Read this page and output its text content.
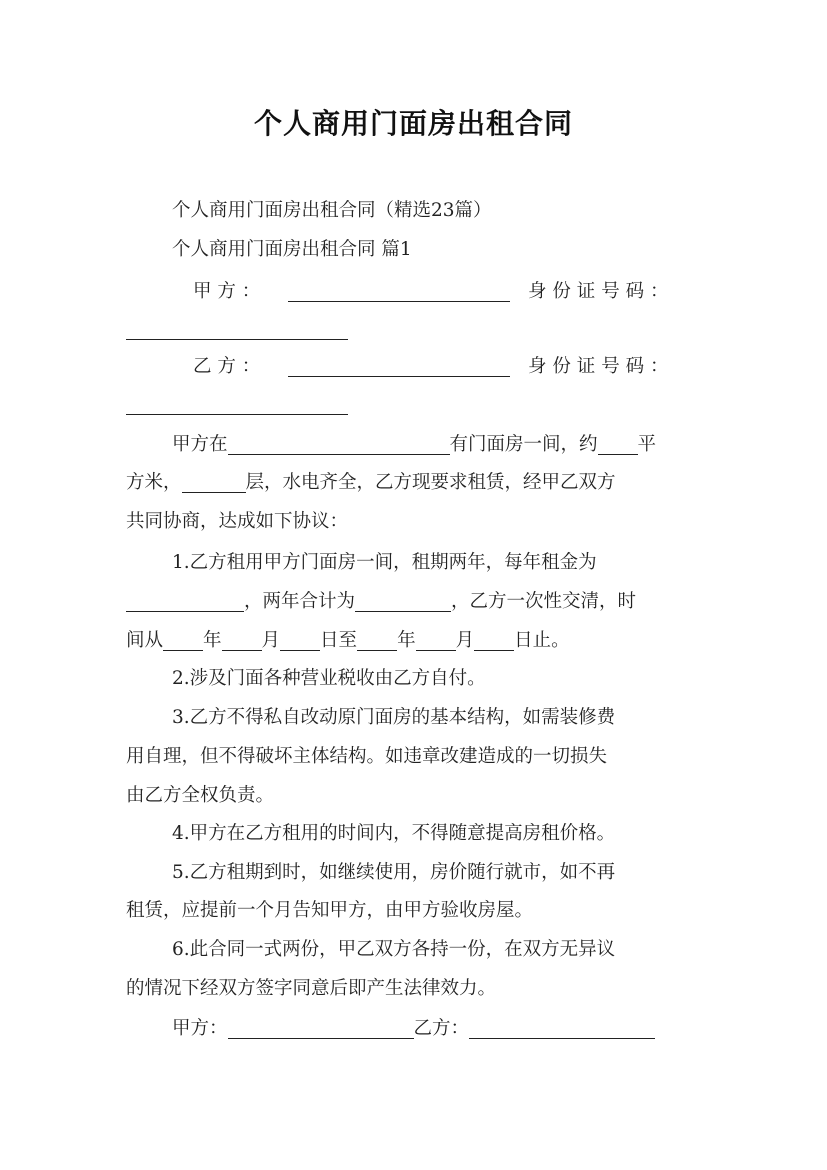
个人商用门面房出租合同

个人商用门面房出租合同（精选23篇）

个人商用门面房出租合同 篇1

甲 方 ：	身 份 证 号 码 ：

乙 方 ：	身 份 证 号 码 ：

甲方在	有门面房一间，约 平

方米，	层，水电齐全，乙方现要求租赁，经甲乙双方

共同协商，达成如下协议：

1.乙方租用甲方门面房一间，租期两年，每年租金为

，两年合计为	，乙方一次性交清，时

间从 年 月 日至 年 月 日止。

2.涉及门面各种营业税收由乙方自付。

3.乙方不得私自改动原门面房的基本结构，如需装修费

用自理，但不得破坏主体结构。如违章改建造成的一切损失

由乙方全权负责。

4.甲方在乙方租用的时间内，不得随意提高房租价格。

5.乙方租期到时，如继续使用，房价随行就市，如不再

租赁，应提前一个月告知甲方，由甲方验收房屋。

6.此合同一式两份，甲乙双方各持一份，在双方无异议

的情况下经双方签字同意后即产生法律效力。

甲方：	乙方：
